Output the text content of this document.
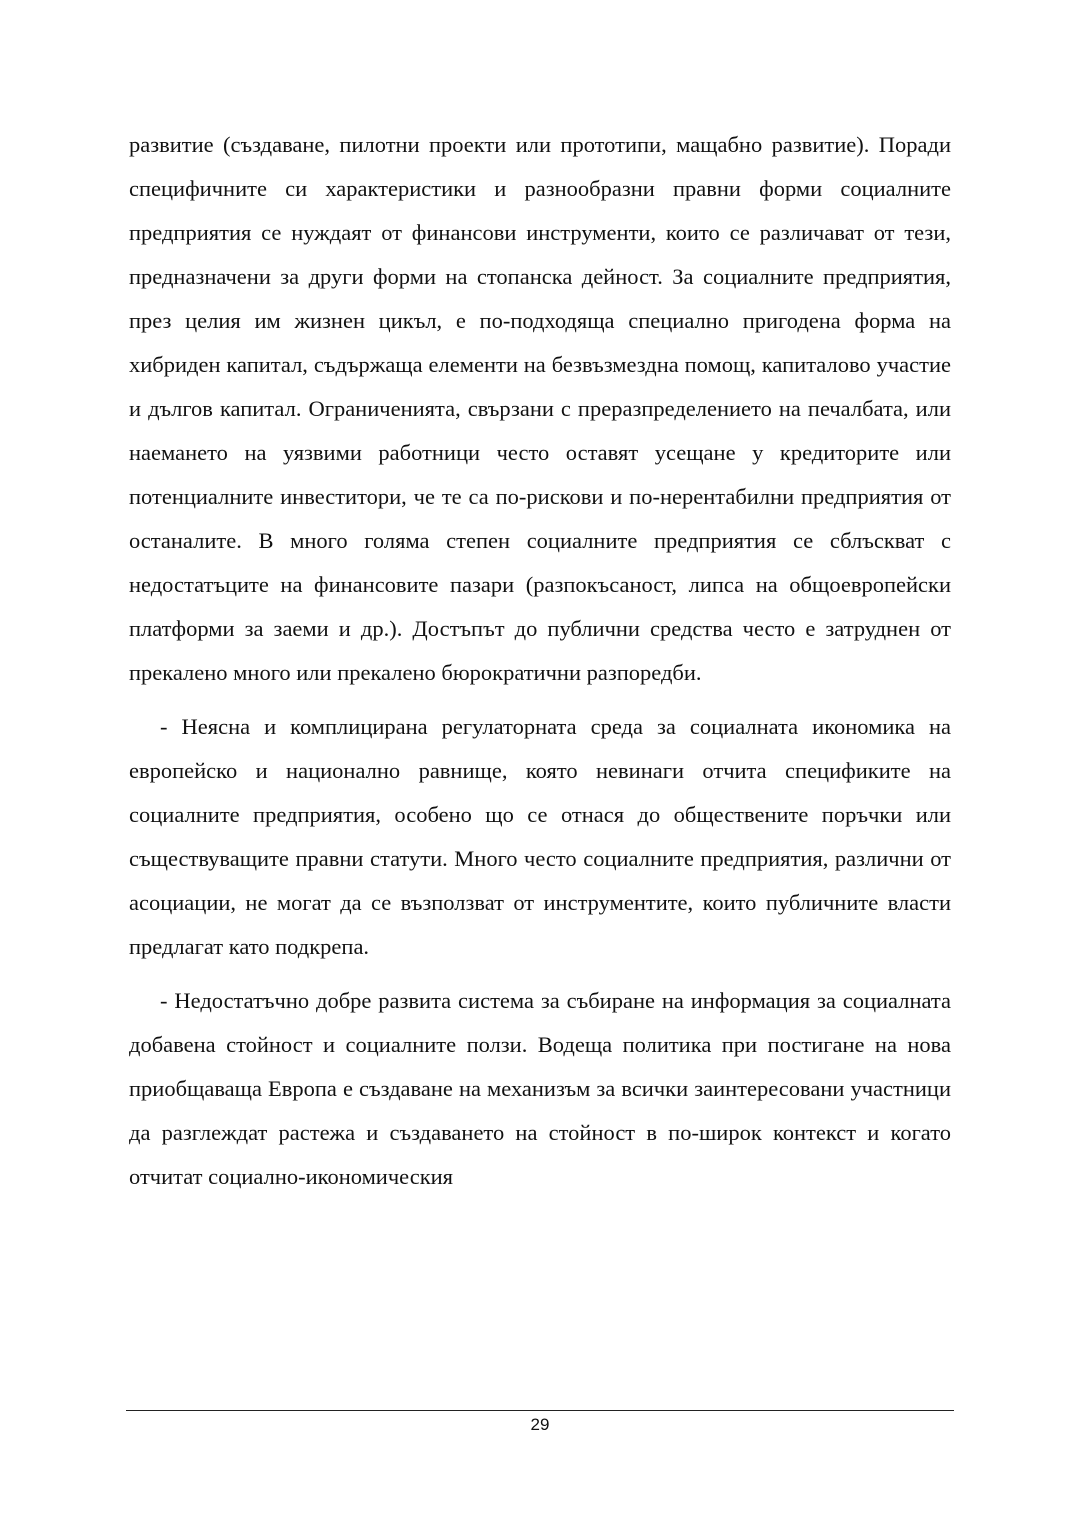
развитие (създаване, пилотни проекти или прототипи, мащабно развитие). Поради специфичните си характеристики и разнообразни правни форми социалните предприятия се нуждаят от финансови инструменти, които се различават от тези, предназначени за други форми на стопанска дейност. За социалните предприятия, през целия им жизнен цикъл, е по-подходяща специално пригодена форма на хибриден капитал, съдържаща елементи на безвъзмездна помощ, капиталово участие и дългов капитал. Ограниченията, свързани с преразпределението на печалбата, или наемането на уязвими работници често оставят усещане у кредиторите или потенциалните инвеститори, че те са по-рискови и по-нерентабилни предприятия от останалите. В много голяма степен социалните предприятия се сблъскват с недостатъците на финансовите пазари (разпокъсаност, липса на общоевропейски платформи за заеми и др.). Достъпът до публични средства често е затруднен от прекалено много или прекалено бюрократични разпоредби.

- Неясна и комплицирана регулаторната среда за социалната икономика на европейско и национално равнище, която невинаги отчита спецификите на социалните предприятия, особено що се отнася до обществените поръчки или съществуващите правни статути. Много често социалните предприятия, различни от асоциации, не могат да се възползват от инструментите, които публичните власти предлагат като подкрепа.

- Недостатъчно добре развита система за събиране на информация за социалната добавена стойност и социалните ползи. Водеща политика при постигане на нова приобщаваща Европа е създаване на механизъм за всички заинтересовани участници да разглеждат растежа и създаването на стойност в по-широк контекст и когато отчитат социално-икономическия

29
